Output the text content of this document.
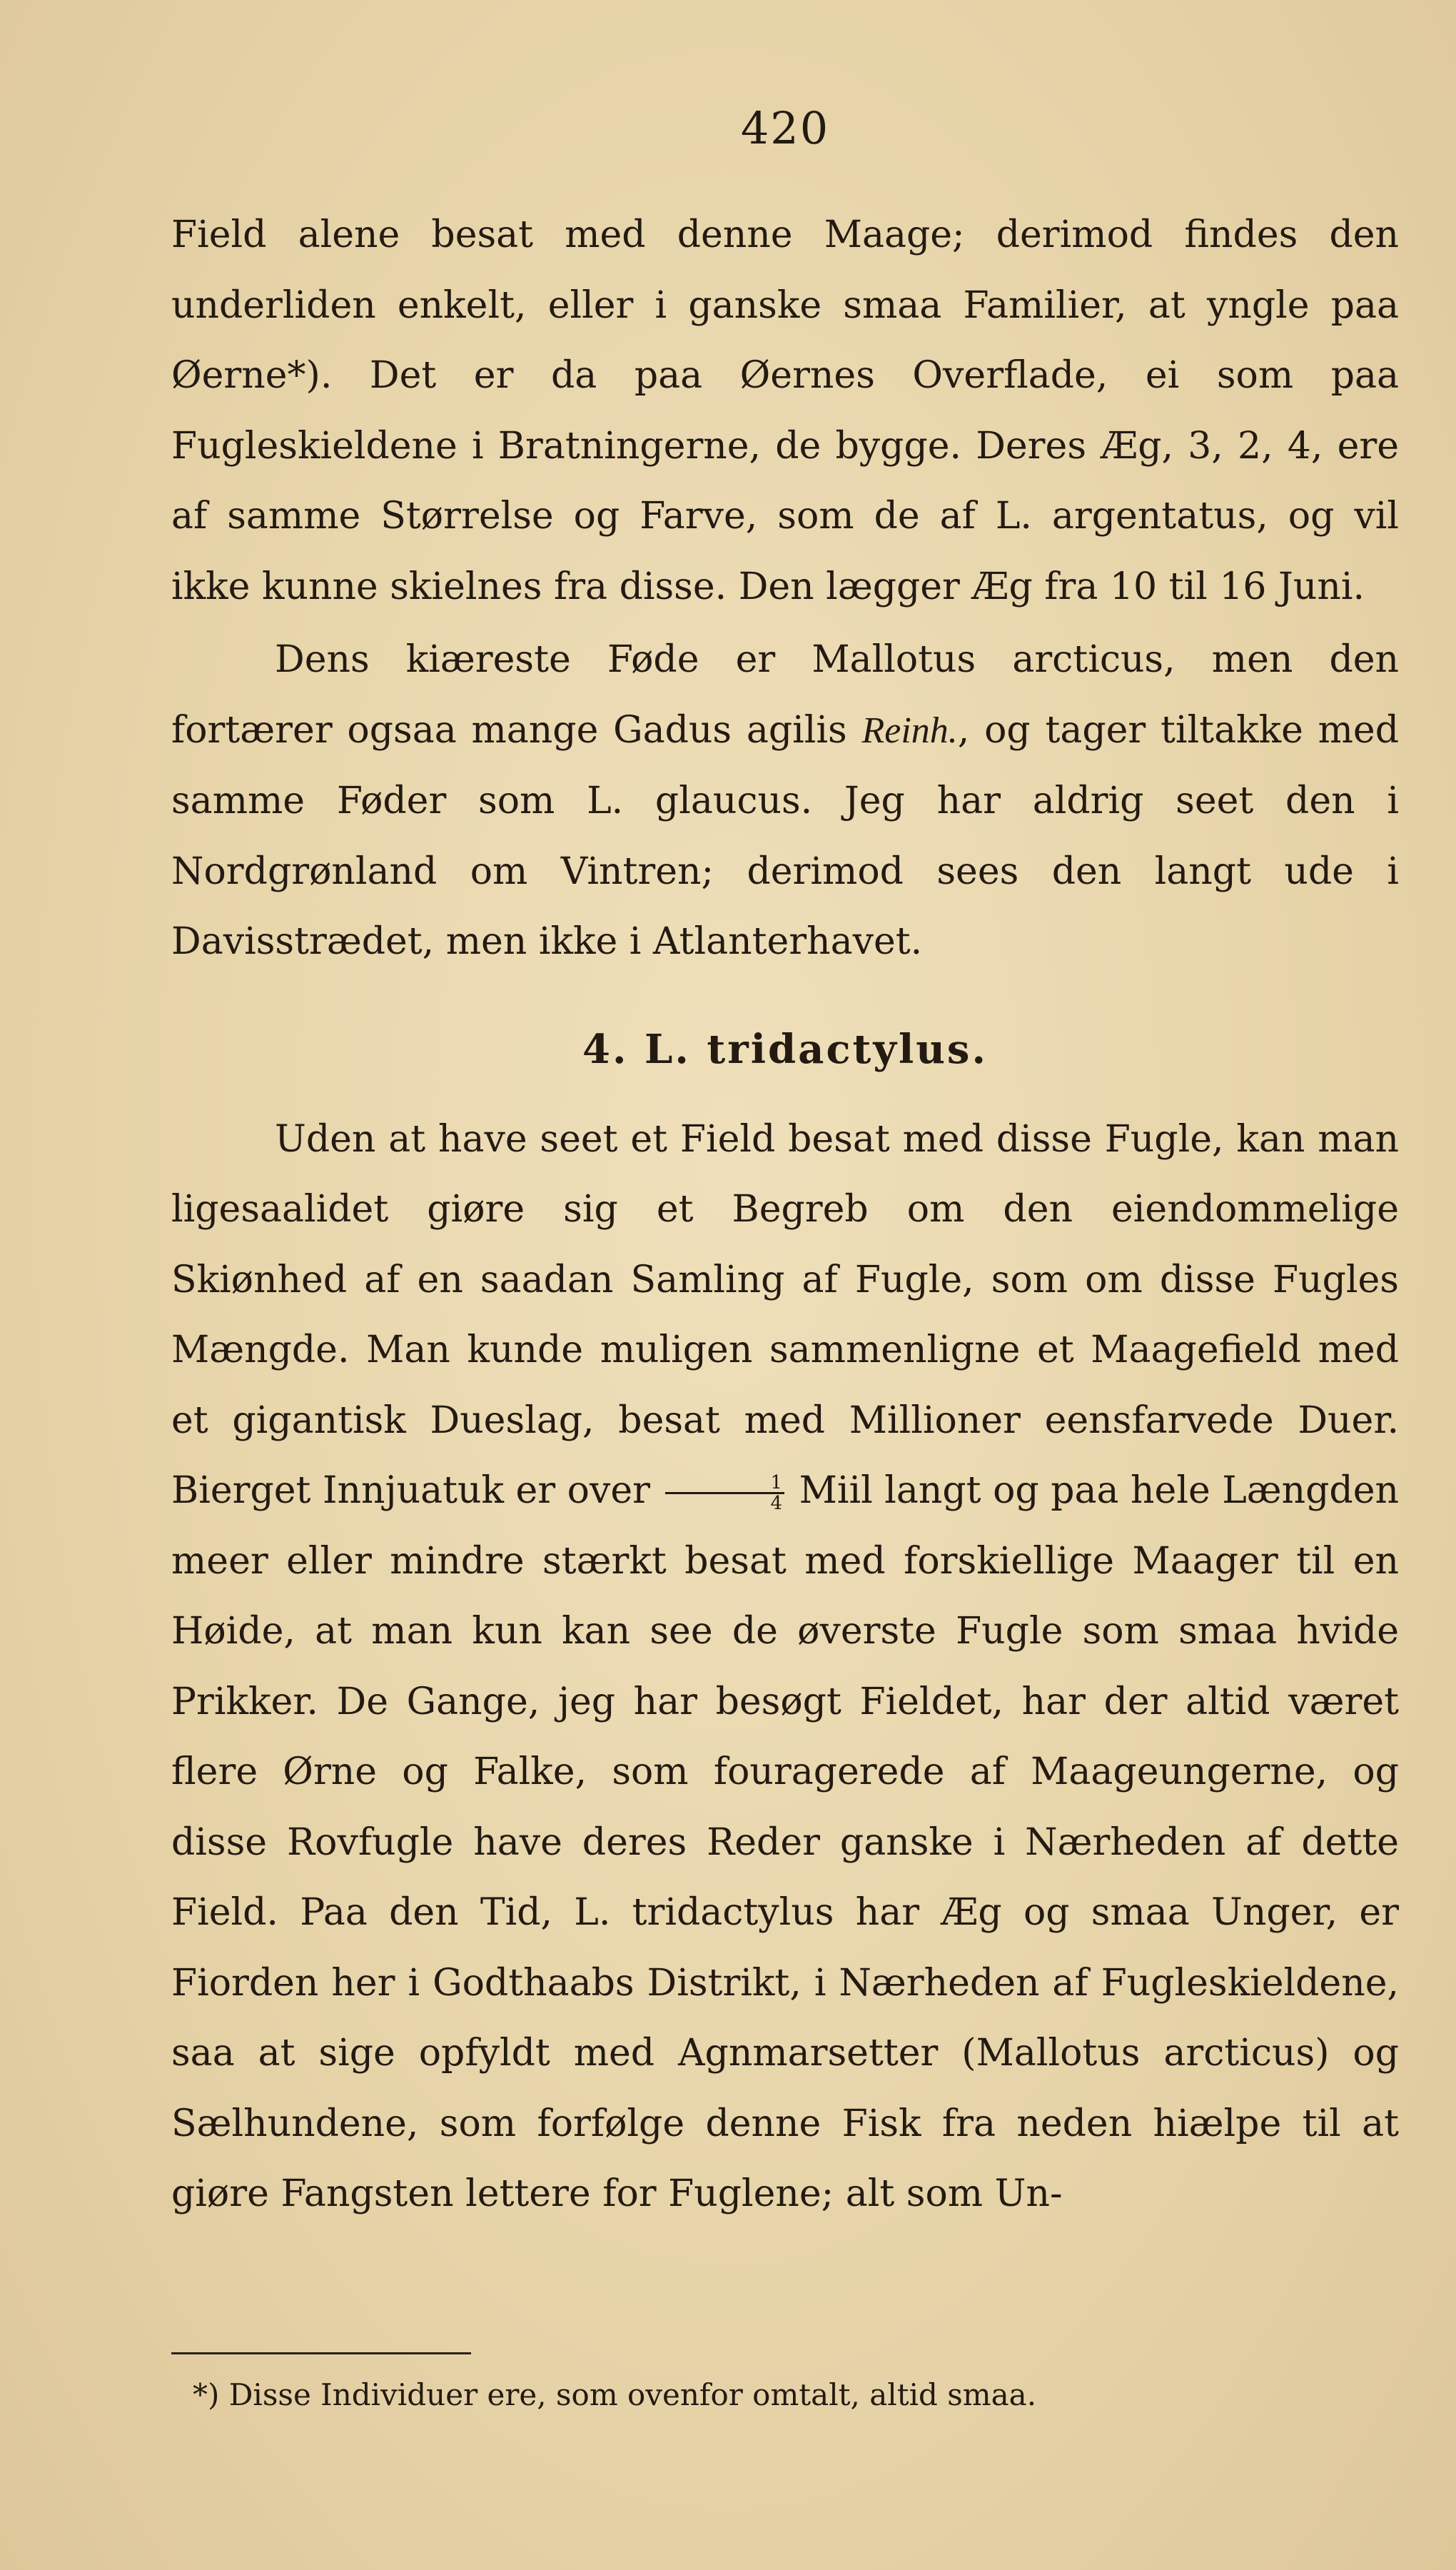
420

Field alene besat med denne Maage; derimod findes den underliden enkelt, eller i ganske smaa Familier, at yngle paa Øerne*). Det er da paa Øernes Overflade, ei som paa Fugleskieldene i Bratningerne, de bygge. Deres Æg, 3, 2, 4, ere af samme Størrelse og Farve, som de af L. argentatus, og vil ikke kunne skielnes fra disse. Den lægger Æg fra 10 til 16 Juni.

Dens kiæreste Føde er Mallotus arcticus, men den fortærer ogsaa mange Gadus agilis Reinh., og tager tiltakke med samme Føder som L. glaucus. Jeg har aldrig seet den i Nordgrønland om Vintren; derimod sees den langt ude i Davisstrædet, men ikke i Atlanterhavet.

4. L. tridactylus.

Uden at have seet et Field besat med disse Fugle, kan man ligesaalidet giøre sig et Begreb om den eiendommelige Skiønhed af en saadan Samling af Fugle, som om disse Fugles Mængde. Man kunde muligen sammenligne et Maagefield med et gigantisk Dueslag, besat med Millioner eensfarvede Duer. Bierget Innjuatuk er over $\frac{1}{4}$ Miil langt og paa hele Længden meer eller mindre stærkt besat med forskiellige Maager til en Høide, at man kun kan see de øverste Fugle som smaa hvide Prikker. De Gange, jeg har besøgt Fieldet, har der altid været flere Ørne og Falke, som fouragerede af Maageungerne, og disse Rovfugle have deres Reder ganske i Nærheden af dette Field. Paa den Tid, L. tridactylus har Æg og smaa Unger, er Fiorden her i Godthaabs Distrikt, i Nærheden af Fugleskieldene, saa at sige opfyldt med Agnmarsetter (Mallotus arcticus) og Sælhundene, som forfølge denne Fisk fra neden hiælpe til at giøre Fangsten lettere for Fuglene; alt som Un-

*) Disse Individuer ere, som ovenfor omtalt, altid smaa.
